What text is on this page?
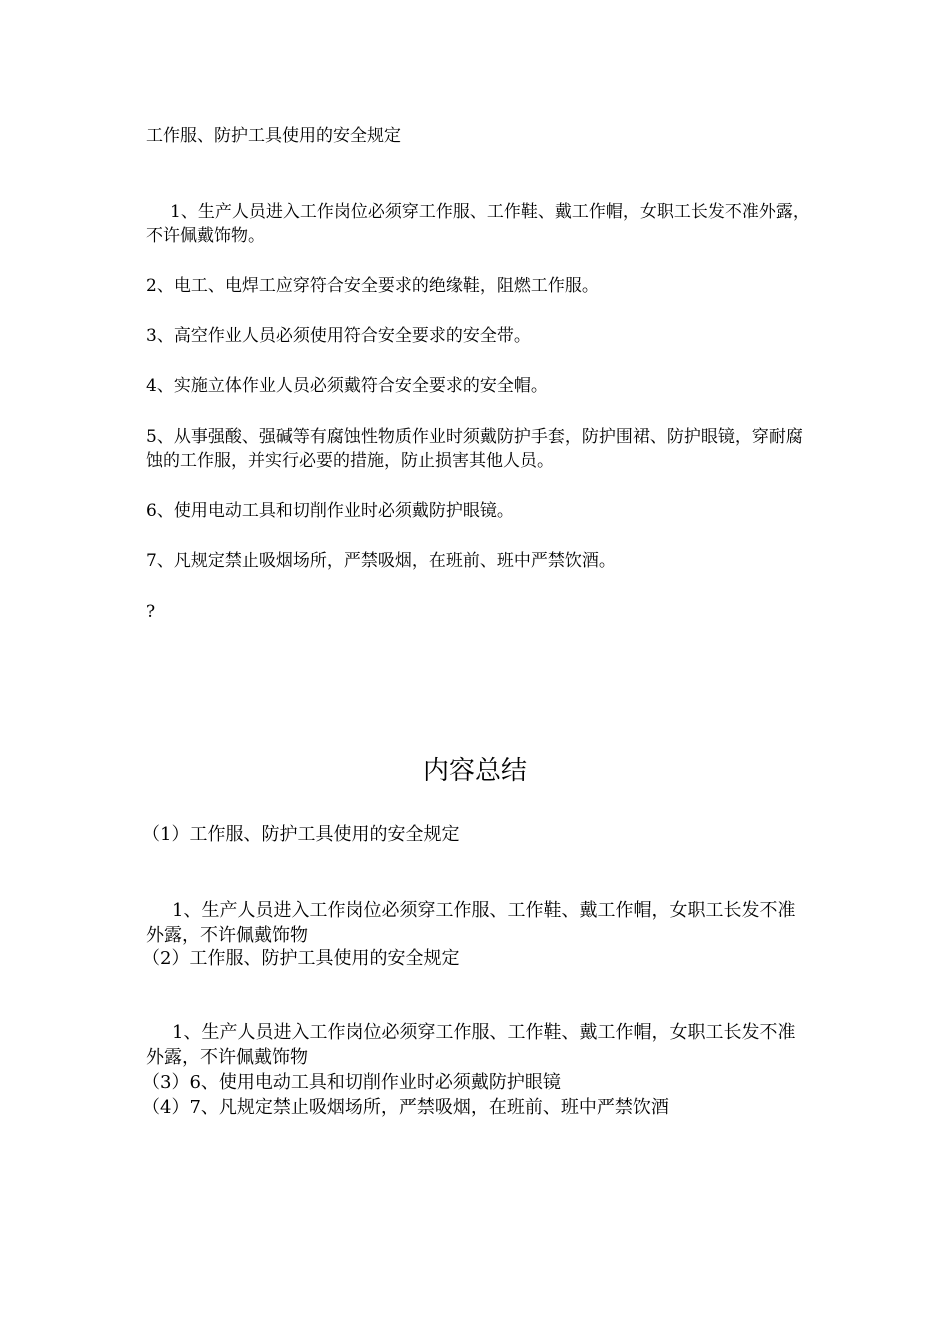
工作服、防护工具使用的安全规定

1、生产人员进入工作岗位必须穿工作服、工作鞋、戴工作帽，女职工长发不准外露，不许佩戴饰物。

2、电工、电焊工应穿符合安全要求的绝缘鞋，阻燃工作服。

3、高空作业人员必须使用符合安全要求的安全带。

4、实施立体作业人员必须戴符合安全要求的安全帽。

5、从事强酸、强碱等有腐蚀性物质作业时须戴防护手套，防护围裙、防护眼镜，穿耐腐蚀的工作服，并实行必要的措施，防止损害其他人员。

6、使用电动工具和切削作业时必须戴防护眼镜。

7、凡规定禁止吸烟场所，严禁吸烟，在班前、班中严禁饮酒。

?

内容总结

（1）工作服、防护工具使用的安全规定

1、生产人员进入工作岗位必须穿工作服、工作鞋、戴工作帽，女职工长发不准外露，不许佩戴饰物

（2）工作服、防护工具使用的安全规定

1、生产人员进入工作岗位必须穿工作服、工作鞋、戴工作帽，女职工长发不准外露，不许佩戴饰物

（3）6、使用电动工具和切削作业时必须戴防护眼镜

（4）7、凡规定禁止吸烟场所，严禁吸烟，在班前、班中严禁饮酒
